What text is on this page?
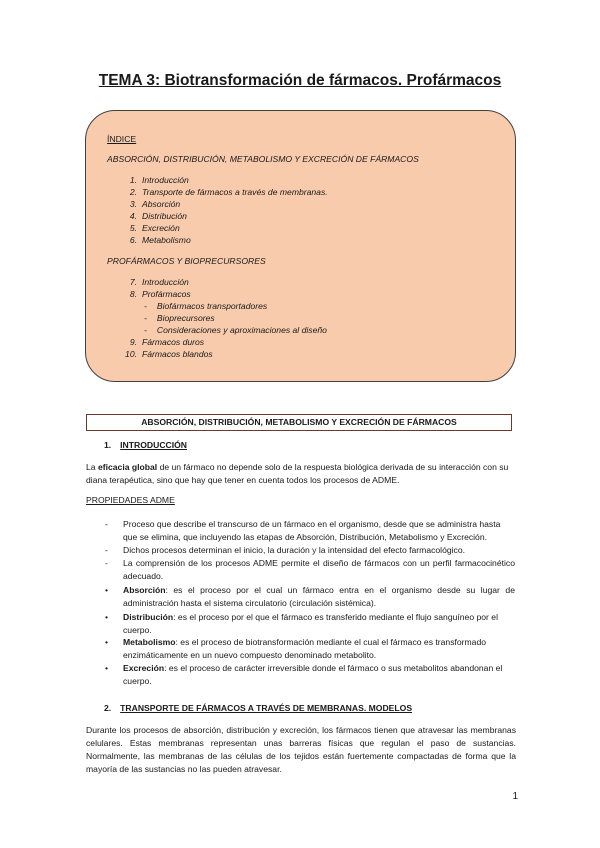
TEMA 3: Biotransformación de fármacos. Profármacos
ÍNDICE
ABSORCIÓN, DISTRIBUCIÓN, METABOLISMO Y EXCRECIÓN DE FÁRMACOS
1. Introducción
2. Transporte de fármacos a través de membranas.
3. Absorción
4. Distribución
5. Excreción
6. Metabolismo
PROFÁRMACOS Y BIOPRECURSORES
7. Introducción
8. Profármacos
- Biofármacos transportadores
- Bioprecursores
- Consideraciones y aproximaciones al diseño
9. Fármacos duros
10. Fármacos blandos
ABSORCIÓN, DISTRIBUCIÓN, METABOLISMO Y EXCRECIÓN DE FÁRMACOS
1. INTRODUCCIÓN
La eficacia global de un fármaco no depende solo de la respuesta biológica derivada de su interacción con su diana terapéutica, sino que hay que tener en cuenta todos los procesos de ADME.
PROPIEDADES ADME
-	Proceso que describe el transcurso de un fármaco en el organismo, desde que se administra hasta que se elimina, que incluyendo las etapas de Absorción, Distribución, Metabolismo y Excreción.
-	Dichos procesos determinan el inicio, la duración y la intensidad del efecto farmacológico.
-	La comprensión de los procesos ADME permite el diseño de fármacos con un perfil farmacocinético adecuado.
•	Absorción: es el proceso por el cual un fármaco entra en el organismo desde su lugar de administración hasta el sistema circulatorio (circulación sistémica).
•	Distribución: es el proceso por el que el fármaco es transferido mediante el flujo sanguíneo por el cuerpo.
•	Metabolismo: es el proceso de biotransformación mediante el cual el fármaco es transformado enzimáticamente en un nuevo compuesto denominado metabolito.
•	Excreción: es el proceso de carácter irreversible donde el fármaco o sus metabolitos abandonan el cuerpo.
2. TRANSPORTE DE FÁRMACOS A TRAVÉS DE MEMBRANAS. MODELOS
Durante los procesos de absorción, distribución y excreción, los fármacos tienen que atravesar las membranas celulares. Estas membranas representan unas barreras físicas que regulan el paso de sustancias. Normalmente, las membranas de las células de los tejidos están fuertemente compactadas de forma que la mayoría de las sustancias no las pueden atravesar.
1
